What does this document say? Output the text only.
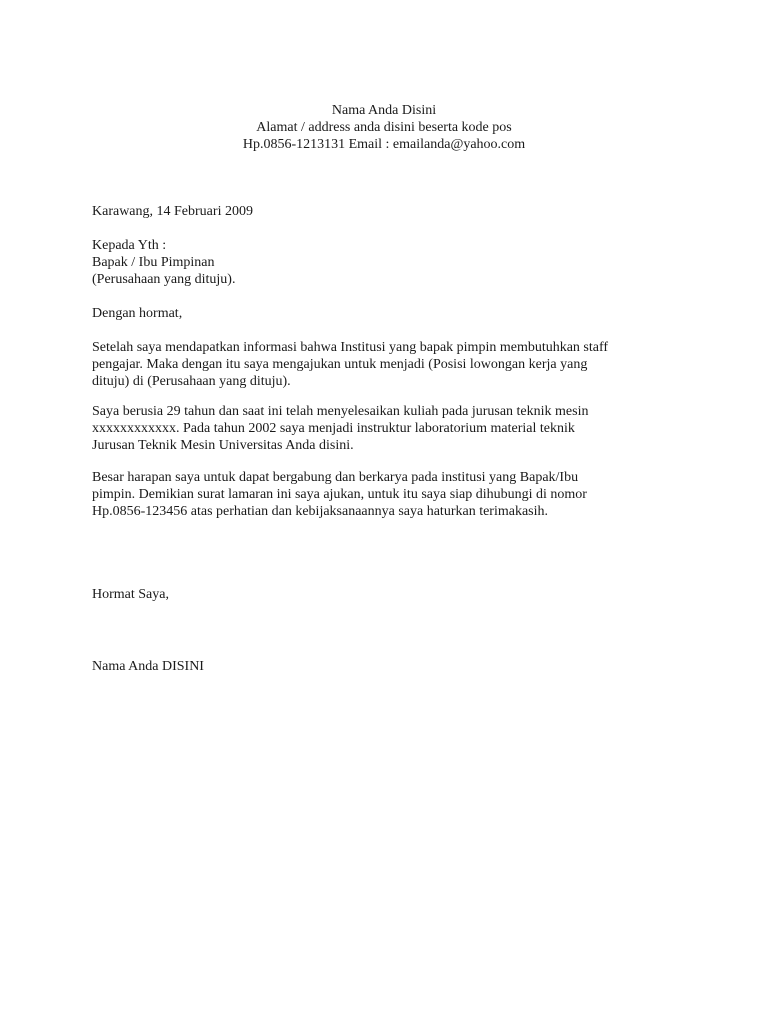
Nama Anda Disini
Alamat / address anda disini beserta kode pos
Hp.0856-1213131 Email : emailanda@yahoo.com
Karawang, 14 Februari 2009
Kepada Yth :
Bapak / Ibu Pimpinan
(Perusahaan yang dituju).
Dengan hormat,
Setelah saya mendapatkan informasi bahwa Institusi yang bapak pimpin membutuhkan staff
pengajar. Maka dengan itu saya mengajukan untuk menjadi (Posisi lowongan kerja yang
dituju) di (Perusahaan yang dituju).
Saya berusia 29 tahun dan saat ini telah menyelesaikan kuliah pada jurusan teknik mesin
xxxxxxxxxxxx. Pada tahun 2002 saya menjadi instruktur laboratorium material teknik
Jurusan Teknik Mesin Universitas Anda disini.
Besar harapan saya untuk dapat bergabung dan berkarya pada institusi yang Bapak/Ibu
pimpin. Demikian surat lamaran ini saya ajukan, untuk itu saya siap dihubungi di nomor
Hp.0856-123456 atas perhatian dan kebijaksanaannya saya haturkan terimakasih.
Hormat Saya,
Nama Anda DISINI
